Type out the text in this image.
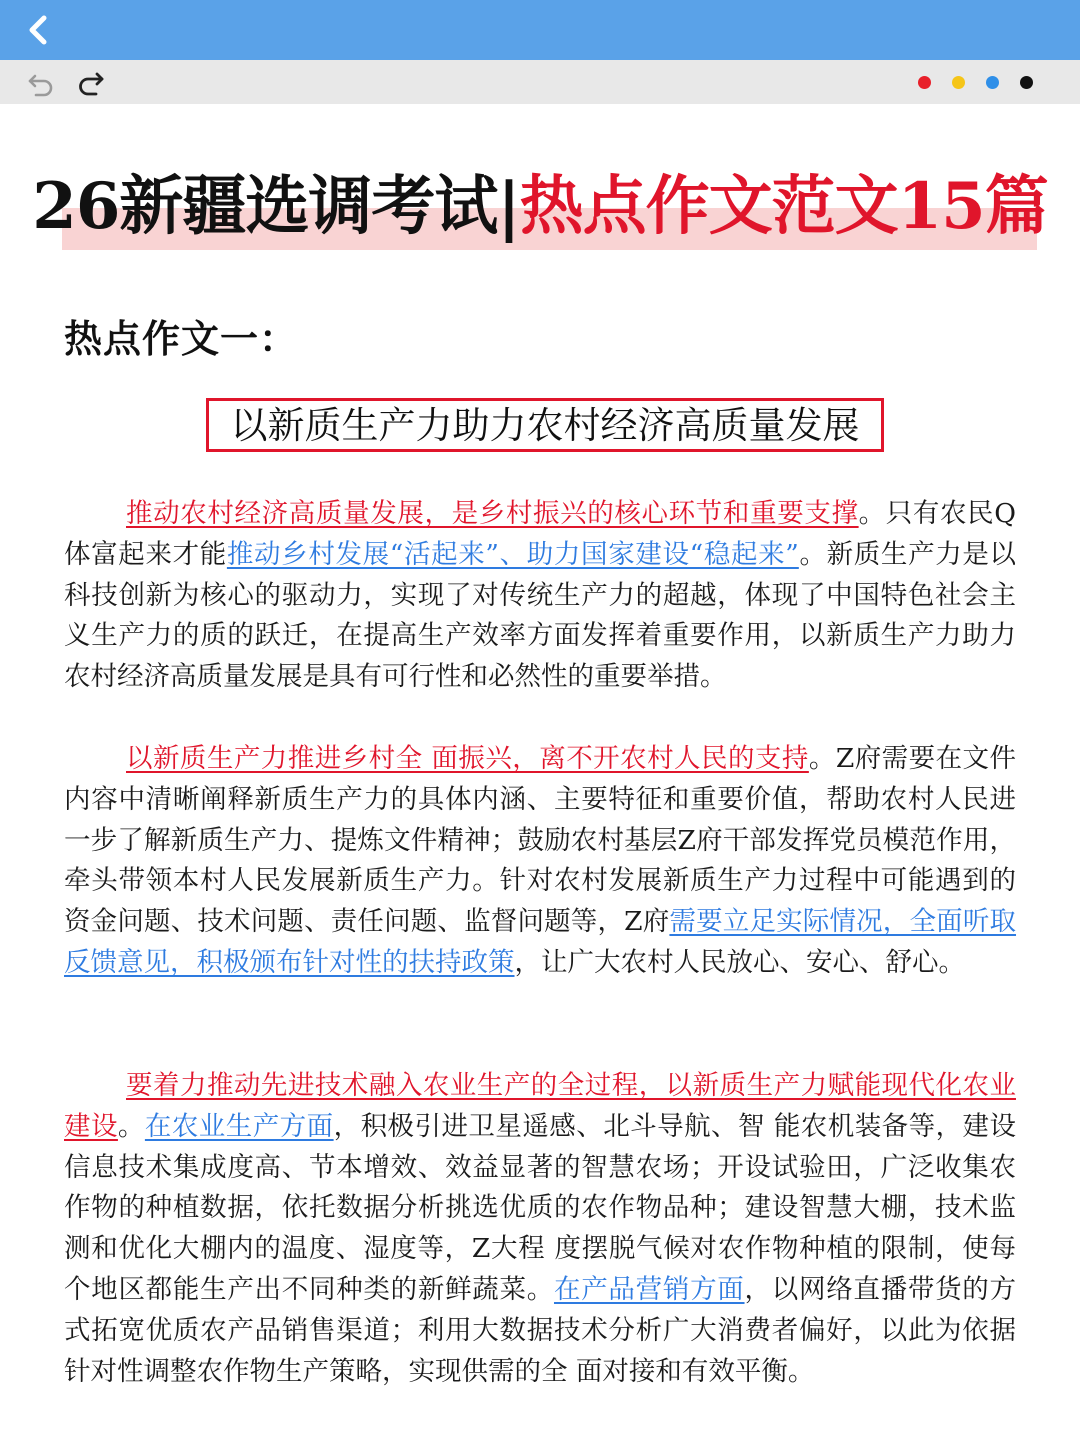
26新疆选调考试|热点作文范文15篇
热点作文一：
以新质生产力助力农村经济高质量发展
推动农村经济高质量发展，是乡村振兴的核心环节和重要支撑。只有农民Q体富起来才能推动乡村发展“活起来”、助力国家建设“稳起来”。新质生产力是以科技创新为核心的驱动力，实现了对传统生产力的超越，体现了中国特色社会主义生产力的质的跃迁，在提高生产效率方面发挥着重要作用，以新质生产力助力农村经济高质量发展是具有可行性和必然性的重要举措。
以新质生产力推进乡村全 面振兴，离不开农村人民的支持。Z府需要在文件内容中清晰阐释新质生产力的具体内涵、主要特征和重要价值，帮助农村人民进一步了解新质生产力、提炼文件精神；鼓励农村基层Z府干部发挥党员模范作用，牵头带领本村人民发展新质生产力。针对农村发展新质生产力过程中可能遇到的资金问题、技术问题、责任问题、监督问题等，Z府需要立足实际情况，全面听取反馈意见，积极颁布针对性的扶持政策，让广大农村人民放心、安心、舒心。
要着力推动先进技术融入农业生产的全过程，以新质生产力赋能现代化农业建设。在农业生产方面，积极引进卫星遥感、北斗导航、智 能农机装备等，建设信息技术集成度高、节本增效、效益显著的智慧农场；开设试验田，广泛收集农作物的种植数据，依托数据分析挑选优质的农作物品种；建设智慧大棚，技术监测和优化大棚内的温度、湿度等，Z大程 度摆脱气候对农作物种植的限制，使每个地区都能生产出不同种类的新鲜蔬菜。在产品营销方面，以网络直播带货的方式拓宽优质农产品销售渠道；利用大数据技术分析广大消费者偏好，以此为依据针对性调整农作物生产策略，实现供需的全 面对接和有效平衡。
